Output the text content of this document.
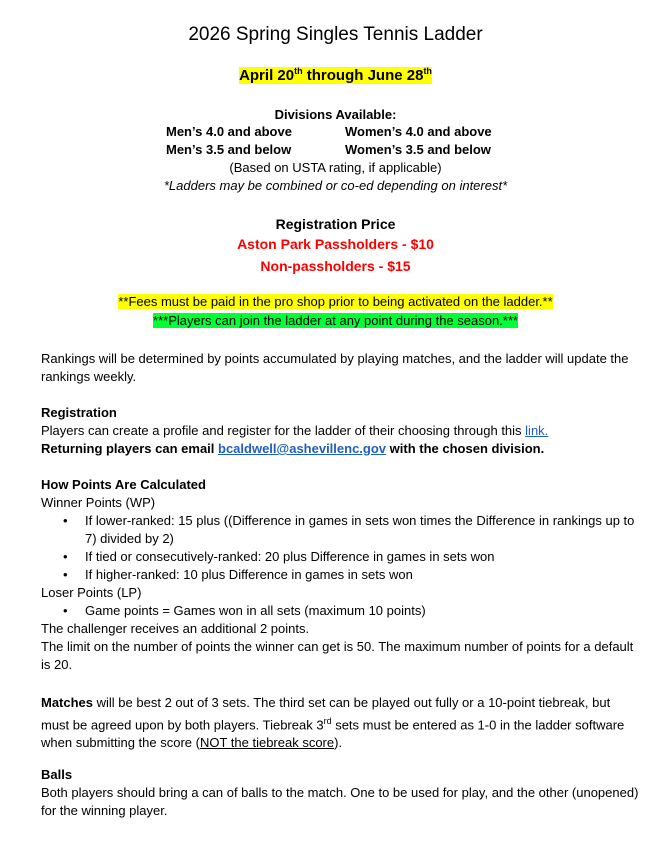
2026 Spring Singles Tennis Ladder
April 20th through June 28th
Divisions Available:
Men’s 4.0 and above	Women’s 4.0 and above
Men’s 3.5 and below	Women’s 3.5 and below
(Based on USTA rating, if applicable)
*Ladders may be combined or co-ed depending on interest*
Registration Price
Aston Park Passholders - $10
Non-passholders - $15
**Fees must be paid in the pro shop prior to being activated on the ladder.**
***Players can join the ladder at any point during the season.***
Rankings will be determined by points accumulated by playing matches, and the ladder will update the rankings weekly.
Registration
Players can create a profile and register for the ladder of their choosing through this link.
Returning players can email bcaldwell@ashevillenc.gov with the chosen division.
How Points Are Calculated
Winner Points (WP)
• If lower-ranked: 15 plus ((Difference in games in sets won times the Difference in rankings up to 7) divided by 2)
• If tied or consecutively-ranked: 20 plus Difference in games in sets won
• If higher-ranked: 10 plus Difference in games in sets won
Loser Points (LP)
• Game points = Games won in all sets (maximum 10 points)
The challenger receives an additional 2 points.
The limit on the number of points the winner can get is 50. The maximum number of points for a default is 20.
Matches will be best 2 out of 3 sets. The third set can be played out fully or a 10-point tiebreak, but must be agreed upon by both players. Tiebreak 3rd sets must be entered as 1-0 in the ladder software when submitting the score (NOT the tiebreak score).
Balls
Both players should bring a can of balls to the match. One to be used for play, and the other (unopened) for the winning player.
